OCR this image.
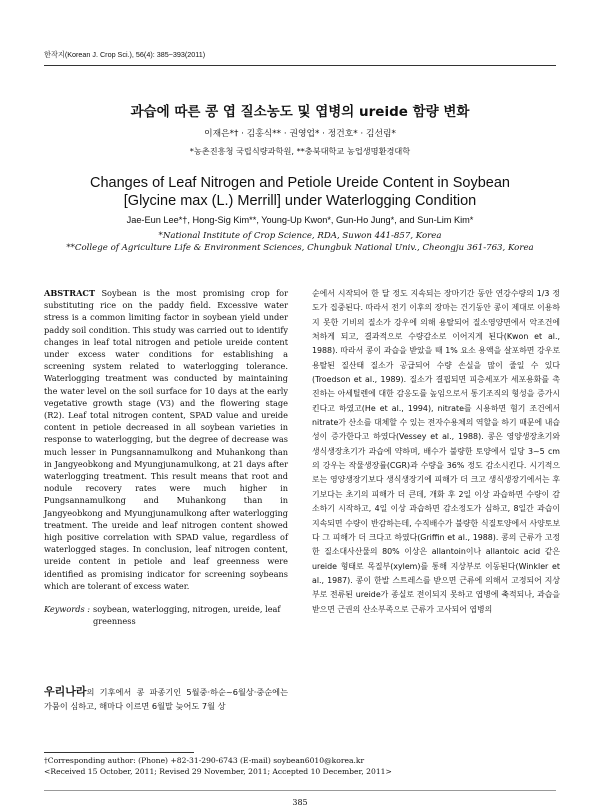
한작지(Korean J. Crop Sci.), 56(4): 385~393(2011)
과습에 따른 콩 엽 질소농도 및 엽병의 ureide 함량 변화
이재은*† · 김홍식** · 권영업* · 정건호* · 김선림*
*농촌진흥청 국립식량과학원, **충북대학교 농업생명환경대학
Changes of Leaf Nitrogen and Petiole Ureide Content in Soybean
[Glycine max (L.) Merrill] under Waterlogging Condition
Jae-Eun Lee*†, Hong-Sig Kim**, Young-Up Kwon*, Gun-Ho Jung*, and Sun-Lim Kim*
*National Institute of Crop Science, RDA, Suwon 441-857, Korea
**College of Agriculture Life & Environment Sciences, Chungbuk National Univ., Cheongju 361-763, Korea
ABSTRACT Soybean is the most promising crop for substituting rice on the paddy field. Excessive water stress is a common limiting factor in soybean yield under paddy soil condition. This study was carried out to identify changes in leaf total nitrogen and petiole ureide content under excess water conditions for establishing a screening system related to waterlogging tolerance. Waterlogging treatment was conducted by maintaining the water level on the soil surface for 10 days at the early vegetative growth stage (V3) and the flowering stage (R2). Leaf total nitrogen content, SPAD value and ureide content in petiole decreased in all soybean varieties in response to waterlogging, but the degree of decrease was much lesser in Pungsannamulkong and Muhankong than in Jangyeobkong and Myungjunamulkong, at 21 days after waterlogging treatment. This result means that root and nodule recovery rates were much higher in Pungsannamulkong and Muhankong than in Jangyeobkong and Myungjunamulkong after waterlogging treatment. The ureide and leaf nitrogen content showed high positive correlation with SPAD value, regardless of waterlogged stages. In conclusion, leaf nitrogen content, ureide content in petiole and leaf greenness were identified as promising indicator for screening soybeans which are tolerant of excess water.
Keywords : soybean, waterlogging, nitrogen, ureide, leaf greenness
우리나라의 기후에서 콩 파종기인 5월중·하순~6월상·중순에는 가뭄이 심하고, 해마다 이르면 6월말 늦어도 7월 상

순에서 시작되어 한 달 정도 지속되는 장마기간 동안 연강수량의 1/3 정도가 집중된다. 따라서 전기 이후의 장마는 건기동안 콩이 제대로 이용하지 못한 기비의 질소가 강우에 의해 용탈되어 질소영양면에서 악조건에 처하게 되고, 결과적으로 수량감소로 이어지게 된다(Kwon et al., 1988). 따라서 콩이 과습을 받았을 때 1% 요소 용액을 살포하면 강우로 용탈된 질산태 질소가 공급되어 수량 손실을 많이 줄일 수 있다(Troedson et al., 1989). 질소가 결핍되면 피층세포가 세포용화를 촉진하는 아세틸렌에 대한 감응도를 높임으로서 통기조직의 형성을 증가시킨다고 하였고(He et al., 1994), nitrate를 시용하면 혐기 조건에서 nitrate가 산소를 대체할 수 있는 전자수용체의 역할을 하기 때문에 내습성이 증가한다고 하였다(Vessey et al., 1988). 콩은 영양생장초기와 생식생장초기가 과습에 약하며, 배수가 불량한 토양에서 일당 3~5 cm의 강우는 작물생장률(CGR)과 수량을 36% 정도 감소시킨다. 시기적으로는 영양생장기보다 생식생장기에 피해가 더 크고 생식생장기에서는 후기보다는 초기의 피해가 더 큰데, 개화 후 2일 이상 과습하면 수량이 감소하기 시작하고, 4일 이상 과습하면 감소정도가 심하고, 8일간 과습이 지속되면 수량이 반감하는데, 수직배수가 불량한 식질토양에서 사양토보다 그 피해가 더 크다고 하였다(Griffin et al., 1988). 콩의 근류가 고정한 질소대사산물의 80% 이상은 allantoin이나 allantoic acid 같은 ureide 형태로 목질부(xylem)를 통해 지상부로 이동된다(Winkler et al., 1987). 콩이 한발 스트레스를 받으면 근류에 의해서 고정되어 지상부로 전류된 ureide가 종실로 전이되지 못하고 엽병에 축적되나, 과습을 받으면 근권의 산소부족으로 근류가 고사되어 엽병의

†Corresponding author: (Phone) +82-31-290-6743 (E-mail) soybean6010@korea.kr
<Received 15 October, 2011; Revised 29 November, 2011; Accepted 10 December, 2011>
385
